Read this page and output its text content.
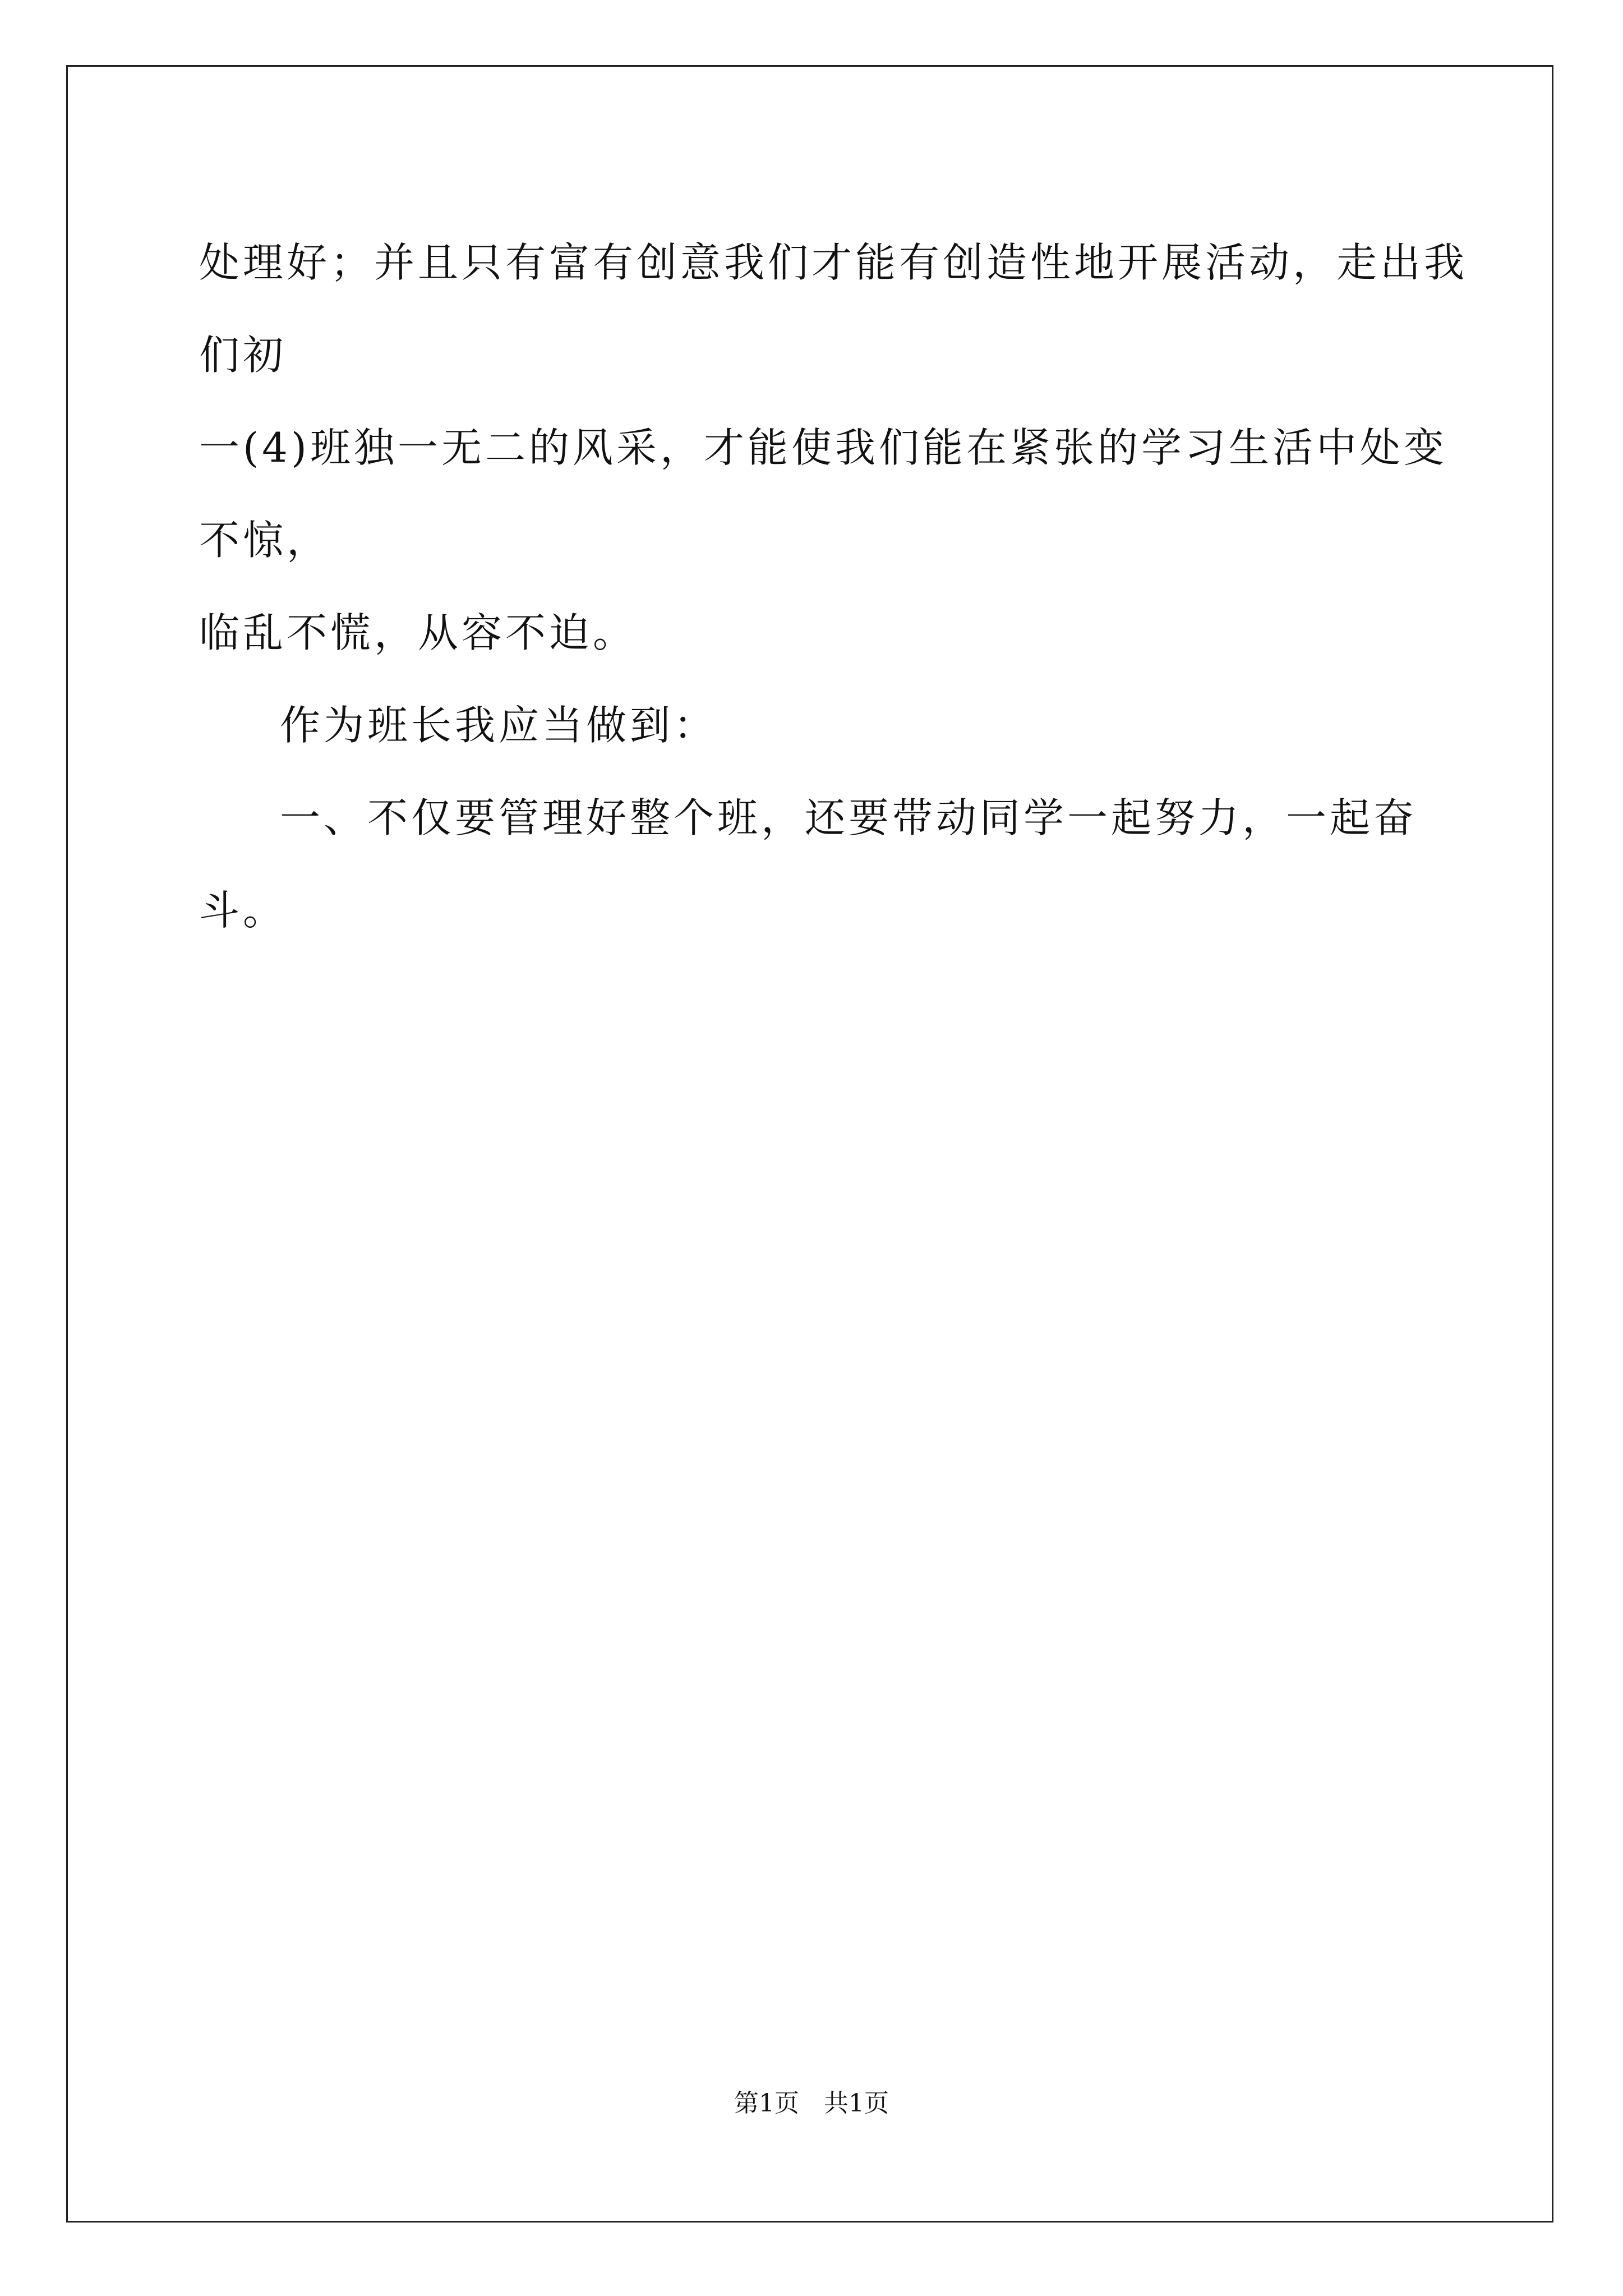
处理好；并且只有富有创意我们才能有创造性地开展活动，走出我们初

一(4)班独一无二的风采，才能使我们能在紧张的学习生活中处变不惊，

临乱不慌，从容不迫。

作为班长我应当做到：

一、不仅要管理好整个班，还要带动同学一起努力，一起奋斗。

第1页　共1页
